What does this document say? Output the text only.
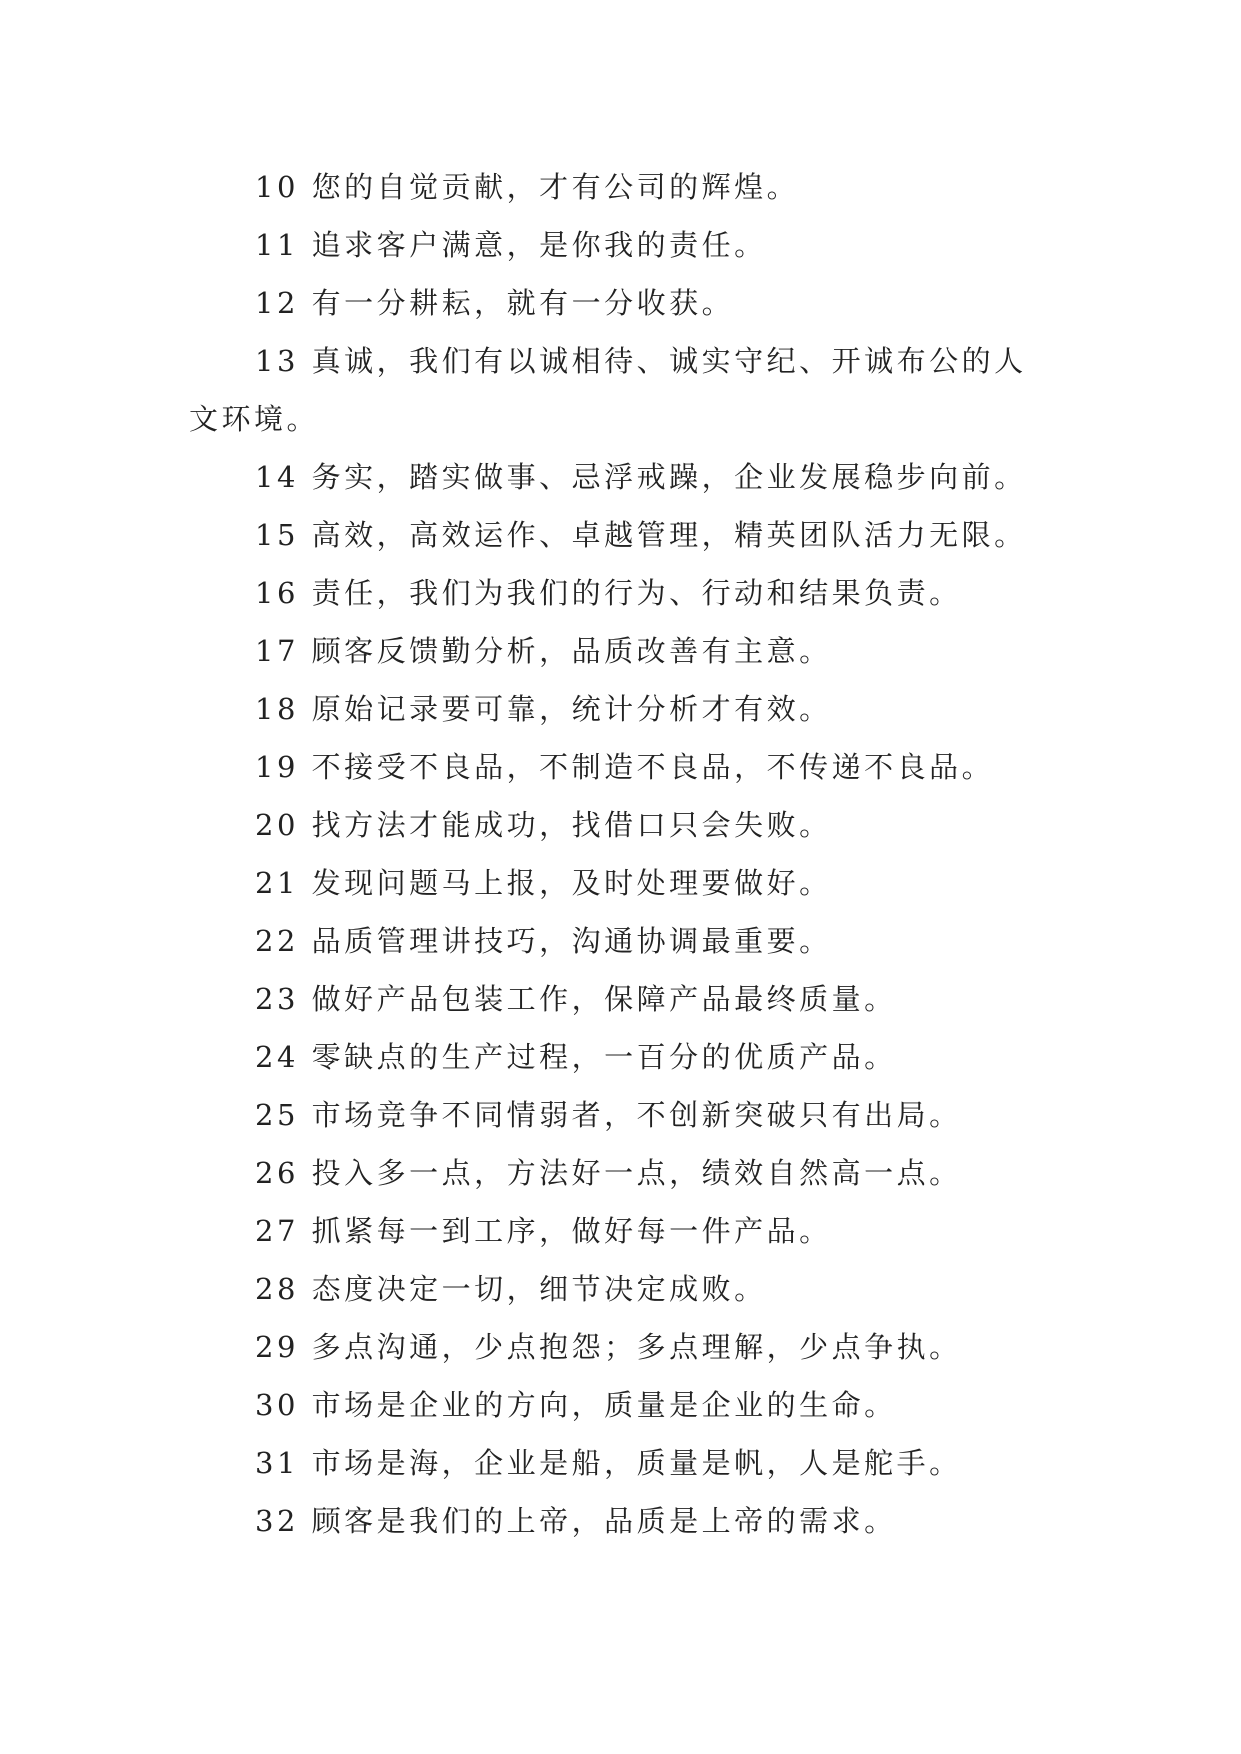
10 您的自觉贡献，才有公司的辉煌。

11 追求客户满意，是你我的责任。

12 有一分耕耘，就有一分收获。

13 真诚，我们有以诚相待、诚实守纪、开诚布公的人文环境。

14 务实，踏实做事、忌浮戒躁，企业发展稳步向前。

15 高效，高效运作、卓越管理，精英团队活力无限。

16 责任，我们为我们的行为、行动和结果负责。

17 顾客反馈勤分析，品质改善有主意。

18 原始记录要可靠，统计分析才有效。

19 不接受不良品，不制造不良品，不传递不良品。

20 找方法才能成功，找借口只会失败。

21 发现问题马上报，及时处理要做好。

22 品质管理讲技巧，沟通协调最重要。

23 做好产品包装工作，保障产品最终质量。

24 零缺点的生产过程，一百分的优质产品。

25 市场竞争不同情弱者，不创新突破只有出局。

26 投入多一点，方法好一点，绩效自然高一点。

27 抓紧每一到工序，做好每一件产品。

28 态度决定一切，细节决定成败。

29 多点沟通，少点抱怨；多点理解，少点争执。

30 市场是企业的方向，质量是企业的生命。

31 市场是海，企业是船，质量是帆，人是舵手。

32 顾客是我们的上帝，品质是上帝的需求。
